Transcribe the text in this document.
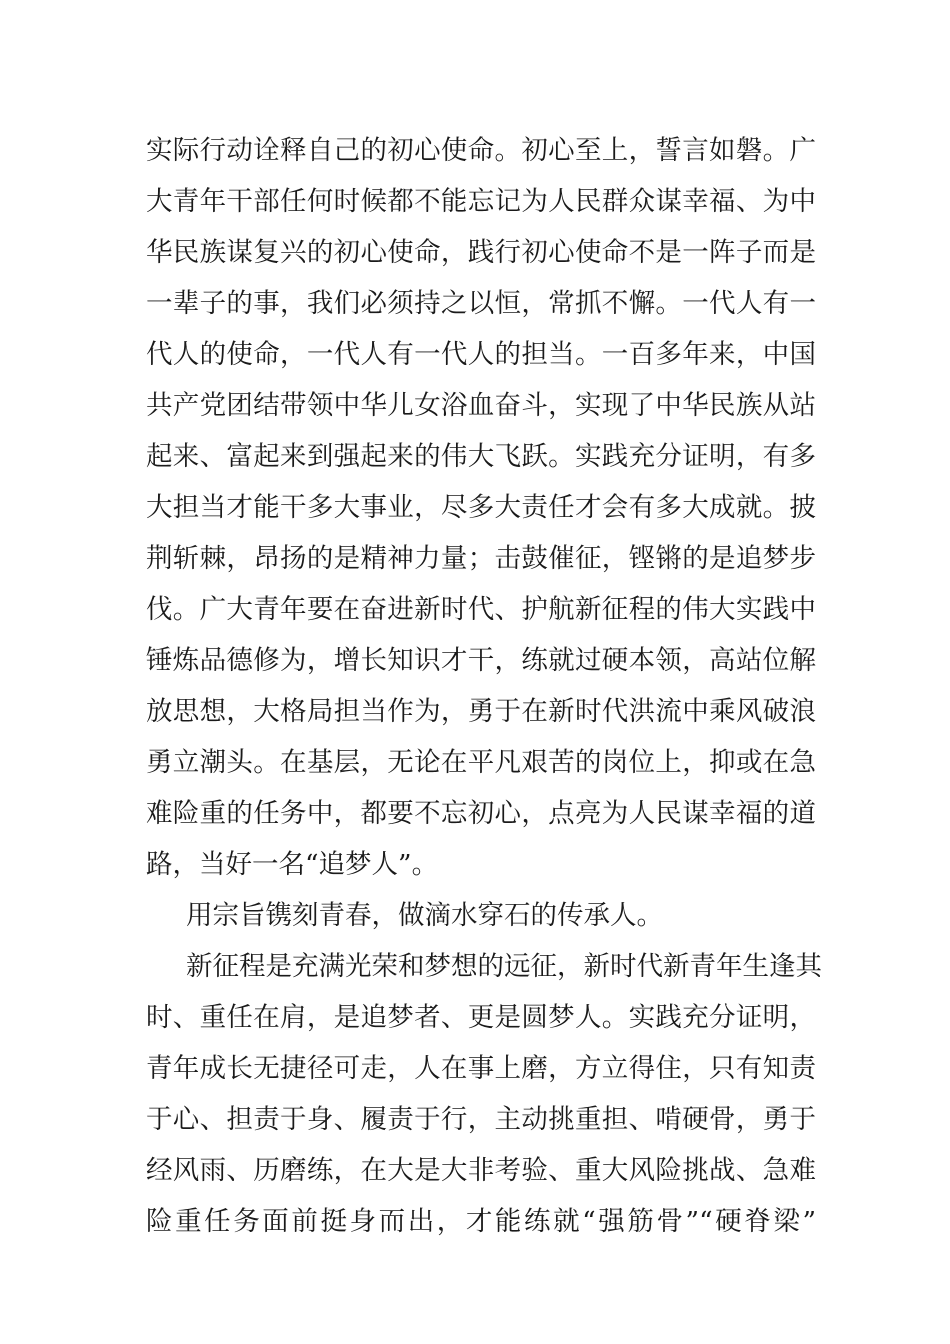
实际行动诠释自己的初心使命。初心至上，誓言如磐。广
大青年干部任何时候都不能忘记为人民群众谋幸福、为中
华民族谋复兴的初心使命，践行初心使命不是一阵子而是
一辈子的事，我们必须持之以恒，常抓不懈。一代人有一
代人的使命，一代人有一代人的担当。一百多年来，中国
共产党团结带领中华儿女浴血奋斗，实现了中华民族从站
起来、富起来到强起来的伟大飞跃。实践充分证明，有多
大担当才能干多大事业，尽多大责任才会有多大成就。披
荆斩棘，昂扬的是精神力量；击鼓催征，铿锵的是追梦步
伐。广大青年要在奋进新时代、护航新征程的伟大实践中
锤炼品德修为，增长知识才干，练就过硬本领，高站位解
放思想，大格局担当作为，勇于在新时代洪流中乘风破浪
勇立潮头。在基层，无论在平凡艰苦的岗位上，抑或在急
难险重的任务中，都要不忘初心，点亮为人民谋幸福的道
路，当好一名“追梦人”。
用宗旨镌刻青春，做滴水穿石的传承人。
新征程是充满光荣和梦想的远征，新时代新青年生逢其
时、重任在肩，是追梦者、更是圆梦人。实践充分证明，
青年成长无捷径可走，人在事上磨，方立得住，只有知责
于心、担责于身、履责于行，主动挑重担、啃硬骨，勇于
经风雨、历磨练，在大是大非考验、重大风险挑战、急难
险重任务面前挺身而出，才能练就“强筋骨”“硬脊梁”
